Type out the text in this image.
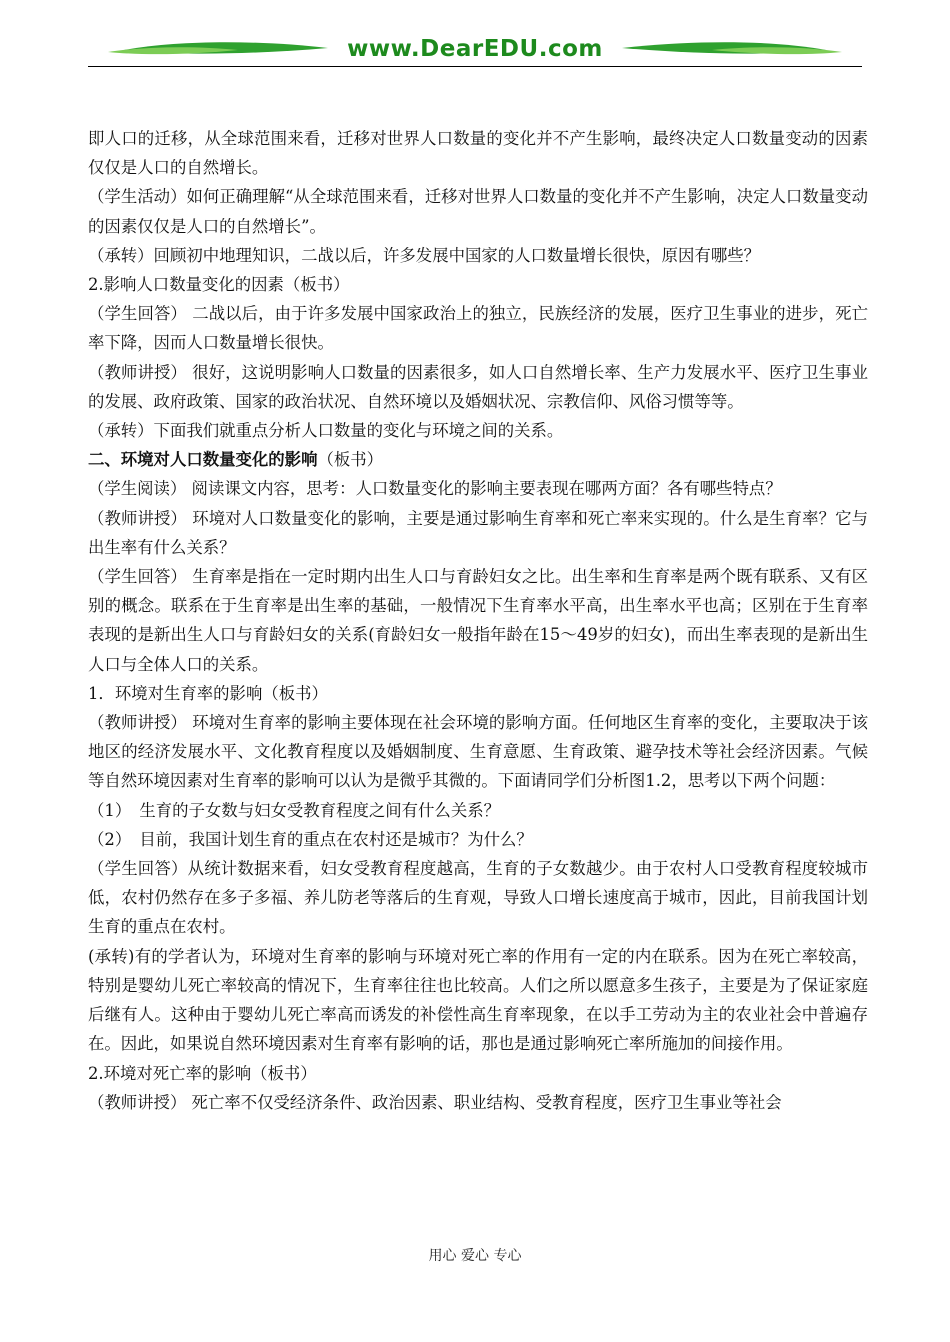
www.DearEDU.com

即人口的迁移，从全球范围来看，迁移对世界人口数量的变化并不产生影响，最终决定人口数量变动的因素仅仅是人口的自然增长。

（学生活动）如何正确理解“从全球范围来看，迁移对世界人口数量的变化并不产生影响，决定人口数量变动的因素仅仅是人口的自然增长”。

（承转）回顾初中地理知识，二战以后，许多发展中国家的人口数量增长很快，原因有哪些？

2.影响人口数量变化的因素（板书）

（学生回答） 二战以后，由于许多发展中国家政治上的独立，民族经济的发展，医疗卫生事业的进步，死亡率下降，因而人口数量增长很快。

（教师讲授） 很好，这说明影响人口数量的因素很多，如人口自然增长率、生产力发展水平、医疗卫生事业的发展、政府政策、国家的政治状况、自然环境以及婚姻状况、宗教信仰、风俗习惯等等。

（承转）下面我们就重点分析人口数量的变化与环境之间的关系。

二、环境对人口数量变化的影响（板书）

（学生阅读） 阅读课文内容，思考：人口数量变化的影响主要表现在哪两方面？各有哪些特点？

（教师讲授） 环境对人口数量变化的影响，主要是通过影响生育率和死亡率来实现的。什么是生育率？它与出生率有什么关系？

（学生回答） 生育率是指在一定时期内出生人口与育龄妇女之比。出生率和生育率是两个既有联系、又有区别的概念。联系在于生育率是出生率的基础，一般情况下生育率水平高，出生率水平也高；区别在于生育率表现的是新出生人口与育龄妇女的关系(育龄妇女一般指年龄在15～49岁的妇女)，而出生率表现的是新出生人口与全体人口的关系。

1．环境对生育率的影响（板书）

（教师讲授） 环境对生育率的影响主要体现在社会环境的影响方面。任何地区生育率的变化，主要取决于该地区的经济发展水平、文化教育程度以及婚姻制度、生育意愿、生育政策、避孕技术等社会经济因素。气候等自然环境因素对生育率的影响可以认为是微乎其微的。下面请同学们分析图1.2，思考以下两个问题：

（1）　生育的子女数与妇女受教育程度之间有什么关系？

（2）　目前，我国计划生育的重点在农村还是城市？为什么？

（学生回答）从统计数据来看，妇女受教育程度越高，生育的子女数越少。由于农村人口受教育程度较城市低，农村仍然存在多子多福、养儿防老等落后的生育观，导致人口增长速度高于城市，因此，目前我国计划生育的重点在农村。

(承转)有的学者认为，环境对生育率的影响与环境对死亡率的作用有一定的内在联系。因为在死亡率较高，特别是婴幼儿死亡率较高的情况下，生育率往往也比较高。人们之所以愿意多生孩子，主要是为了保证家庭后继有人。这种由于婴幼儿死亡率高而诱发的补偿性高生育率现象，在以手工劳动为主的农业社会中普遍存在。因此，如果说自然环境因素对生育率有影响的话，那也是通过影响死亡率所施加的间接作用。

2.环境对死亡率的影响（板书）

（教师讲授） 死亡率不仅受经济条件、政治因素、职业结构、受教育程度，医疗卫生事业等社会

用心 爱心 专心
